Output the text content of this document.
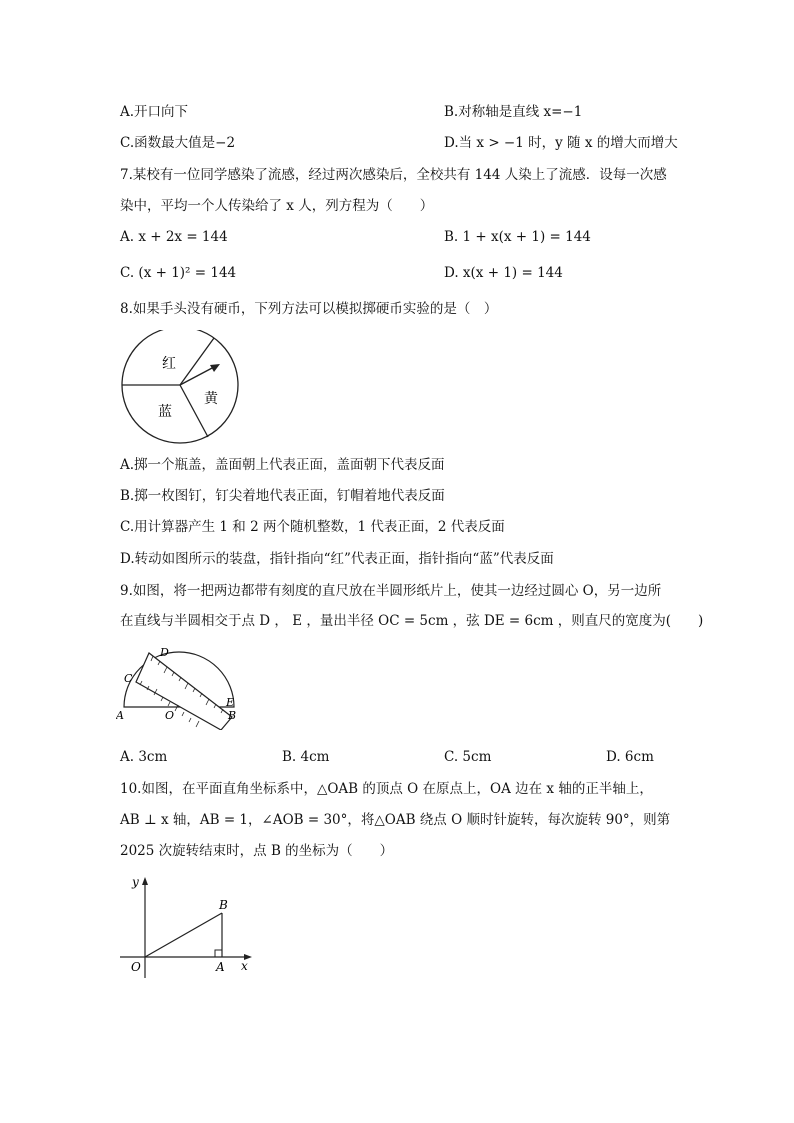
A.开口向下	B.对称轴是直线 x=−1
C.函数最大值是−2	D.当 x > −1 时，y 随 x 的增大而增大
7.某校有一位同学感染了流感，经过两次感染后，全校共有 144 人染上了流感．设每一次感
染中，平均一个人传染给了 x 人，列方程为（　　）
A. x + 2x = 144	B. 1 + x(x + 1) = 144
C. (x + 1)² = 144	D. x(x + 1) = 144
8.如果手头没有硬币，下列方法可以模拟掷硬币实验的是（　）
红
蓝
黄
A.掷一个瓶盖，盖面朝上代表正面，盖面朝下代表反面
B.掷一枚图钉，钉尖着地代表正面，钉帽着地代表反面
C.用计算器产生 1 和 2 两个随机整数，1 代表正面，2 代表反面
D.转动如图所示的装盘，指针指向“红”代表正面，指针指向“蓝”代表反面
9.如图，将一把两边都带有刻度的直尺放在半圆形纸片上，使其一边经过圆心 O，另一边所
在直线与半圆相交于点 D ， E ，量出半径 OC = 5cm ，弦 DE = 6cm ，则直尺的宽度为(　　)
A	O	B
C
D
E
A. 3cm	B. 4cm	C. 5cm	D. 6cm
10.如图，在平面直角坐标系中，△OAB 的顶点 O 在原点上，OA 边在 x 轴的正半轴上，
AB ⊥ x 轴，AB = 1，∠AOB = 30°，将△OAB 绕点 O 顺时针旋转，每次旋转 90°，则第
2025 次旋转结束时，点 B 的坐标为（　　）
y
x
O	A
B
